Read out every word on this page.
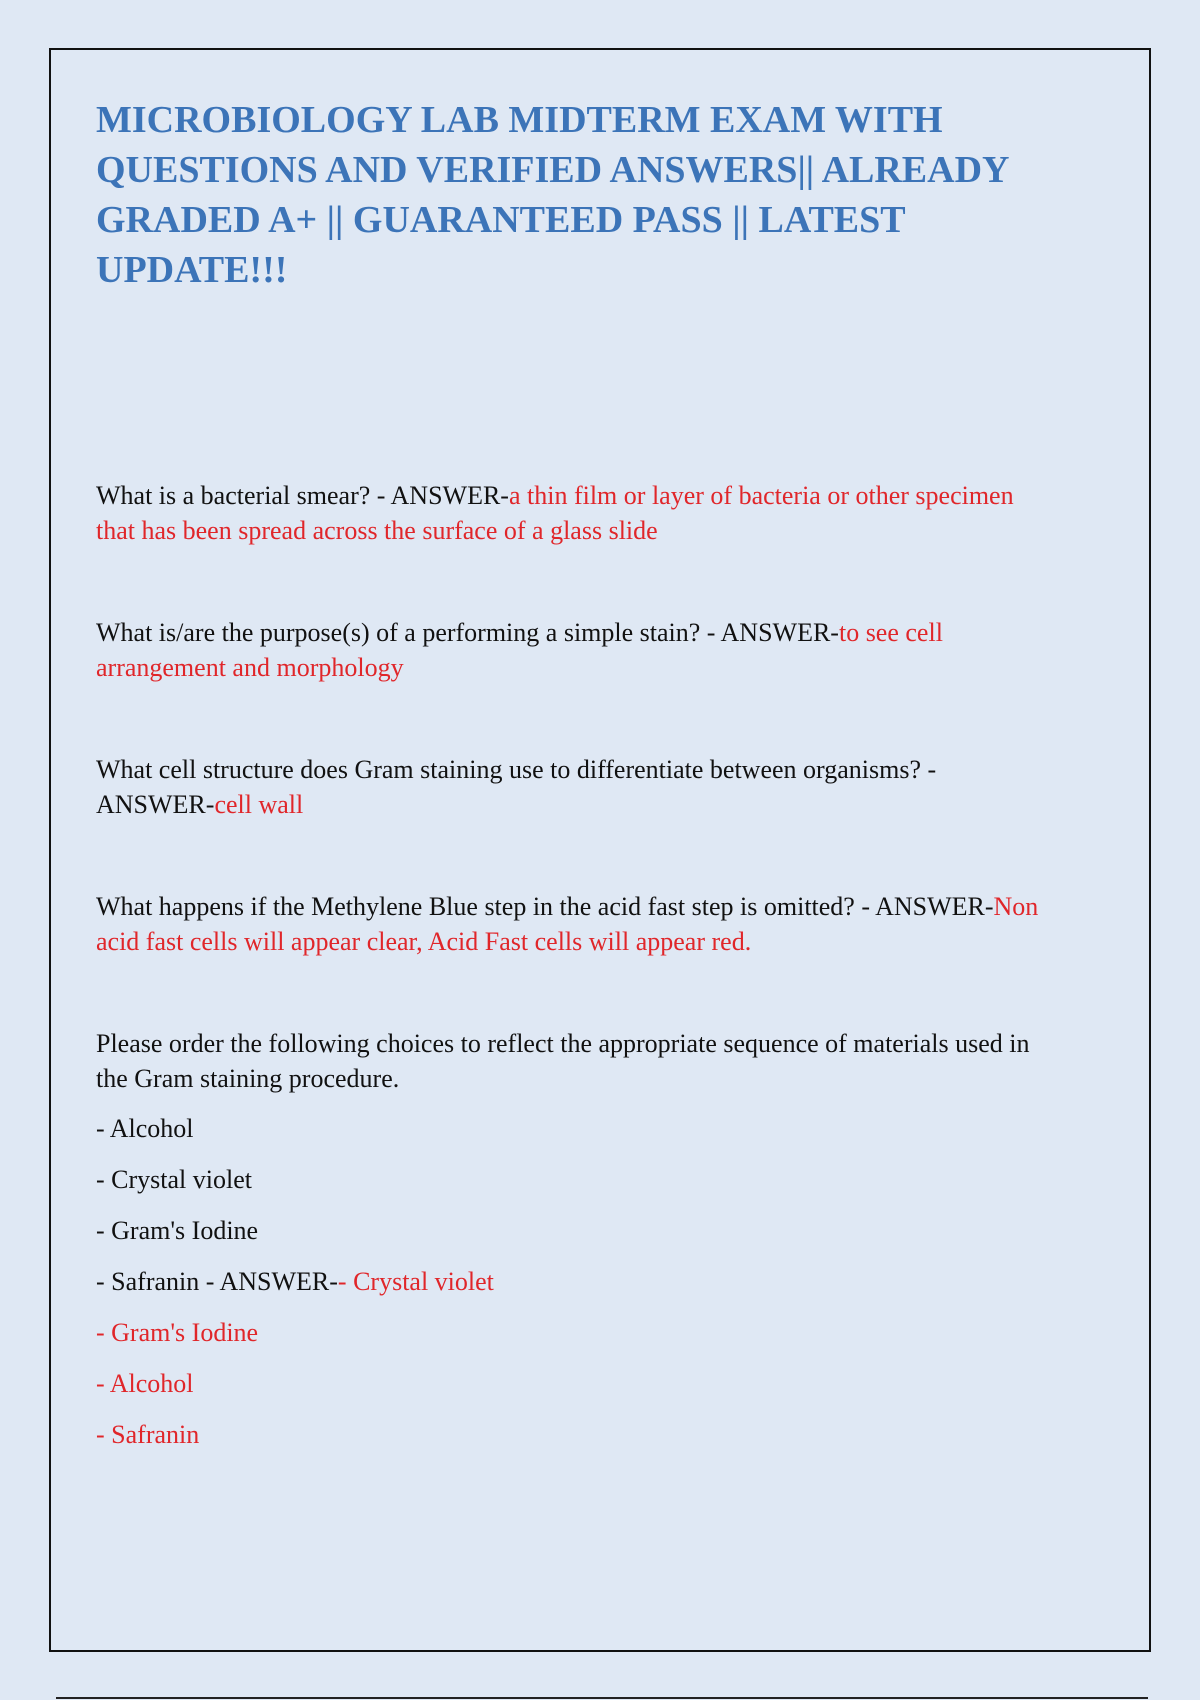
MICROBIOLOGY LAB MIDTERM EXAM WITH QUESTIONS AND VERIFIED ANSWERS|| ALREADY GRADED A+ || GUARANTEED PASS || LATEST UPDATE!!!

What is a bacterial smear? - ANSWER-a thin film or layer of bacteria or other specimen that has been spread across the surface of a glass slide

What is/are the purpose(s) of a performing a simple stain? - ANSWER-to see cell arrangement and morphology

What cell structure does Gram staining use to differentiate between organisms? - ANSWER-cell wall

What happens if the Methylene Blue step in the acid fast step is omitted? - ANSWER-Non acid fast cells will appear clear, Acid Fast cells will appear red.

Please order the following choices to reflect the appropriate sequence of materials used in the Gram staining procedure.

- Alcohol

- Crystal violet

- Gram's Iodine

- Safranin - ANSWER-- Crystal violet

- Gram's Iodine

- Alcohol

- Safranin
